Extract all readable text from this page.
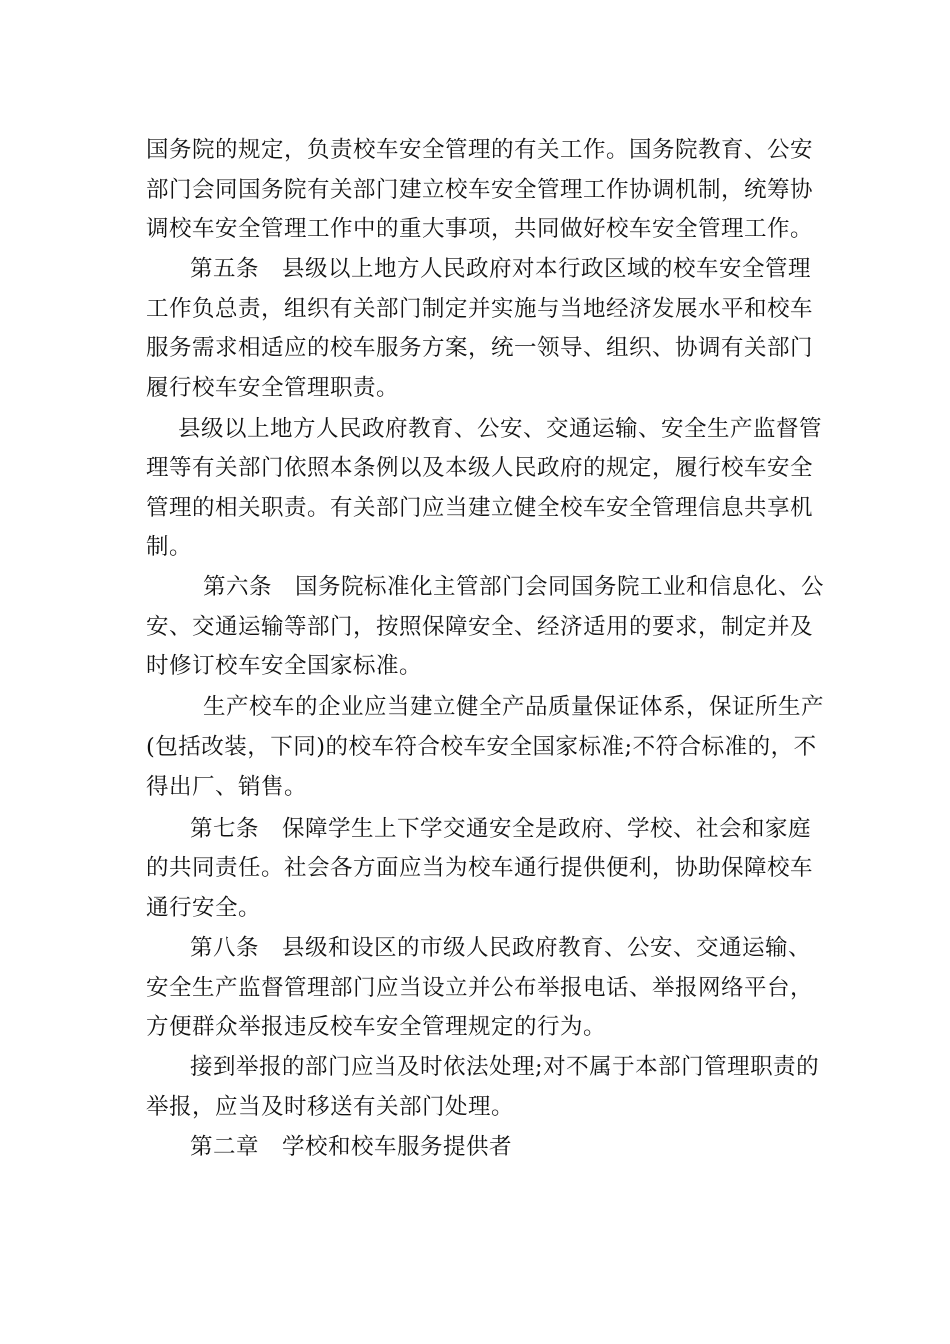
国务院的规定，负责校车安全管理的有关工作。国务院教育、公安
部门会同国务院有关部门建立校车安全管理工作协调机制，统筹协
调校车安全管理工作中的重大事项，共同做好校车安全管理工作。
第五条　县级以上地方人民政府对本行政区域的校车安全管理
工作负总责，组织有关部门制定并实施与当地经济发展水平和校车
服务需求相适应的校车服务方案，统一领导、组织、协调有关部门
履行校车安全管理职责。
县级以上地方人民政府教育、公安、交通运输、安全生产监督管
理等有关部门依照本条例以及本级人民政府的规定，履行校车安全
管理的相关职责。有关部门应当建立健全校车安全管理信息共享机
制。
第六条　国务院标准化主管部门会同国务院工业和信息化、公
安、交通运输等部门，按照保障安全、经济适用的要求，制定并及
时修订校车安全国家标准。
生产校车的企业应当建立健全产品质量保证体系，保证所生产
(包括改装，下同)的校车符合校车安全国家标准;不符合标准的，不
得出厂、销售。
第七条　保障学生上下学交通安全是政府、学校、社会和家庭
的共同责任。社会各方面应当为校车通行提供便利，协助保障校车
通行安全。
第八条　县级和设区的市级人民政府教育、公安、交通运输、
安全生产监督管理部门应当设立并公布举报电话、举报网络平台，
方便群众举报违反校车安全管理规定的行为。
接到举报的部门应当及时依法处理;对不属于本部门管理职责的
举报，应当及时移送有关部门处理。
第二章　学校和校车服务提供者
